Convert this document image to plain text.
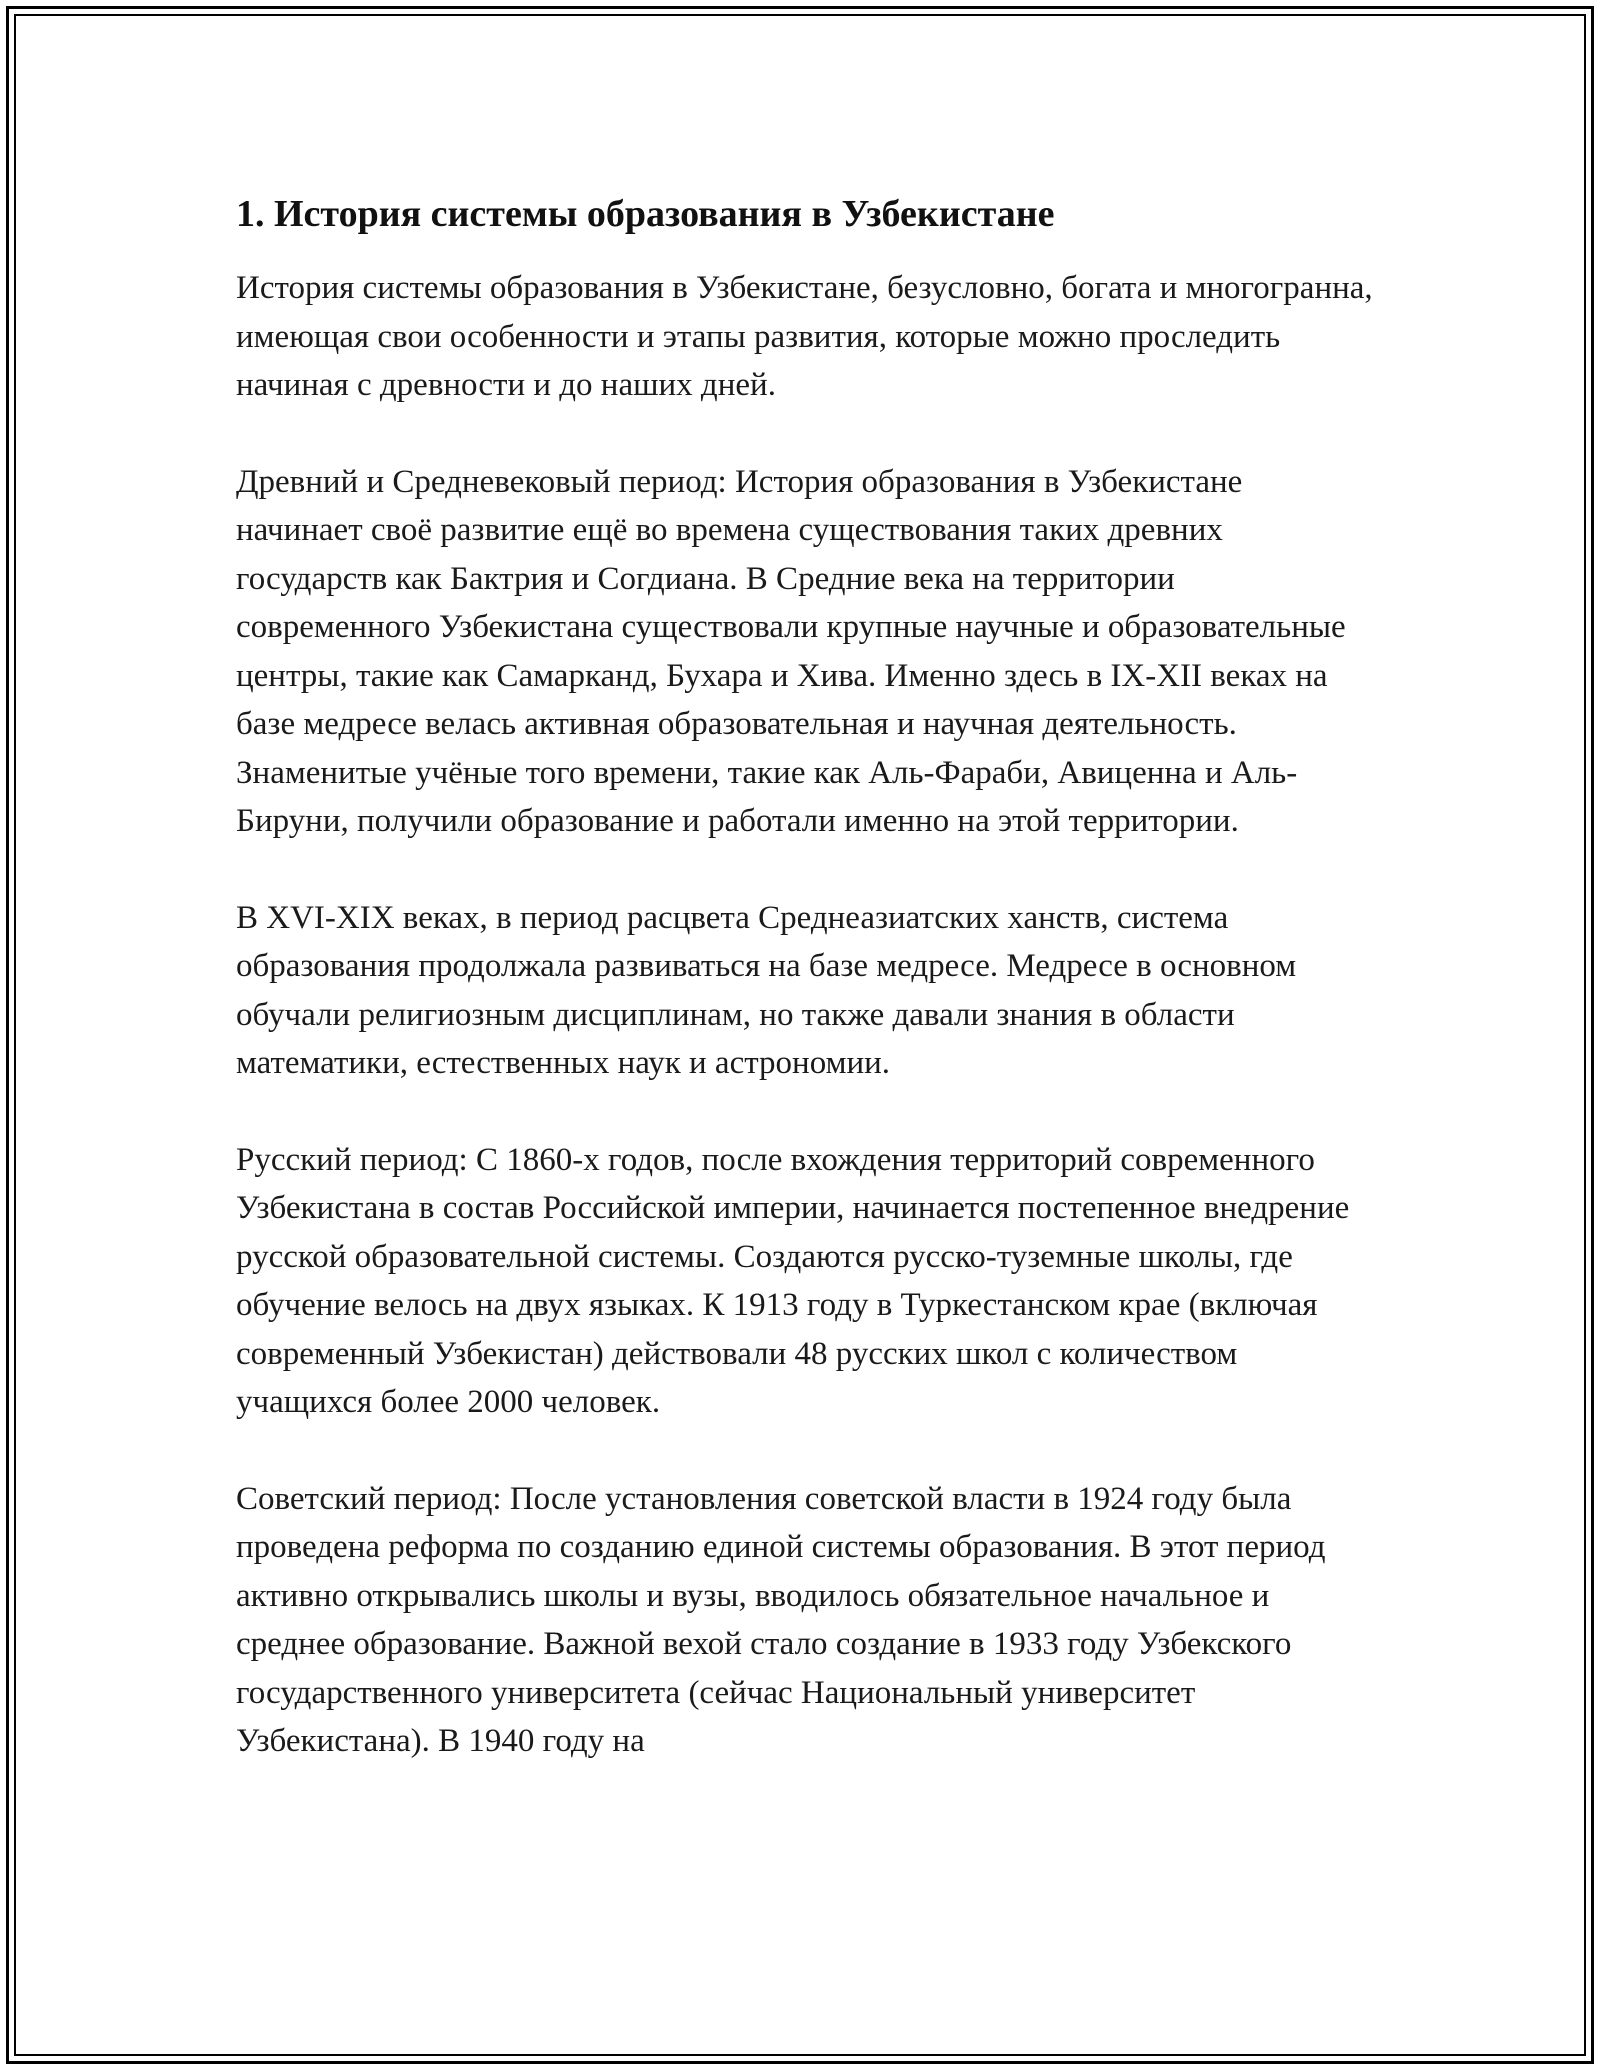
1. История системы образования в Узбекистане

История системы образования в Узбекистане, безусловно, богата и многогранна, имеющая свои особенности и этапы развития, которые можно проследить начиная с древности и до наших дней.

Древний и Средневековый период: История образования в Узбекистане начинает своё развитие ещё во времена существования таких древних государств как Бактрия и Согдиана. В Средние века на территории современного Узбекистана существовали крупные научные и образовательные центры, такие как Самарканд, Бухара и Хива. Именно здесь в IX-XII веках на базе медресе велась активная образовательная и научная деятельность. Знаменитые учёные того времени, такие как Аль-Фараби, Авиценна и Аль-Бируни, получили образование и работали именно на этой территории.

В XVI-XIX веках, в период расцвета Среднеазиатских ханств, система образования продолжала развиваться на базе медресе. Медресе в основном обучали религиозным дисциплинам, но также давали знания в области математики, естественных наук и астрономии.

Русский период: С 1860-х годов, после вхождения территорий современного Узбекистана в состав Российской империи, начинается постепенное внедрение русской образовательной системы. Создаются русско-туземные школы, где обучение велось на двух языках. К 1913 году в Туркестанском крае (включая современный Узбекистан) действовали 48 русских школ с количеством учащихся более 2000 человек.

Советский период: После установления советской власти в 1924 году была проведена реформа по созданию единой системы образования. В этот период активно открывались школы и вузы, вводилось обязательное начальное и среднее образование. Важной вехой стало создание в 1933 году Узбекского государственного университета (сейчас Национальный университет Узбекистана). В 1940 году на
